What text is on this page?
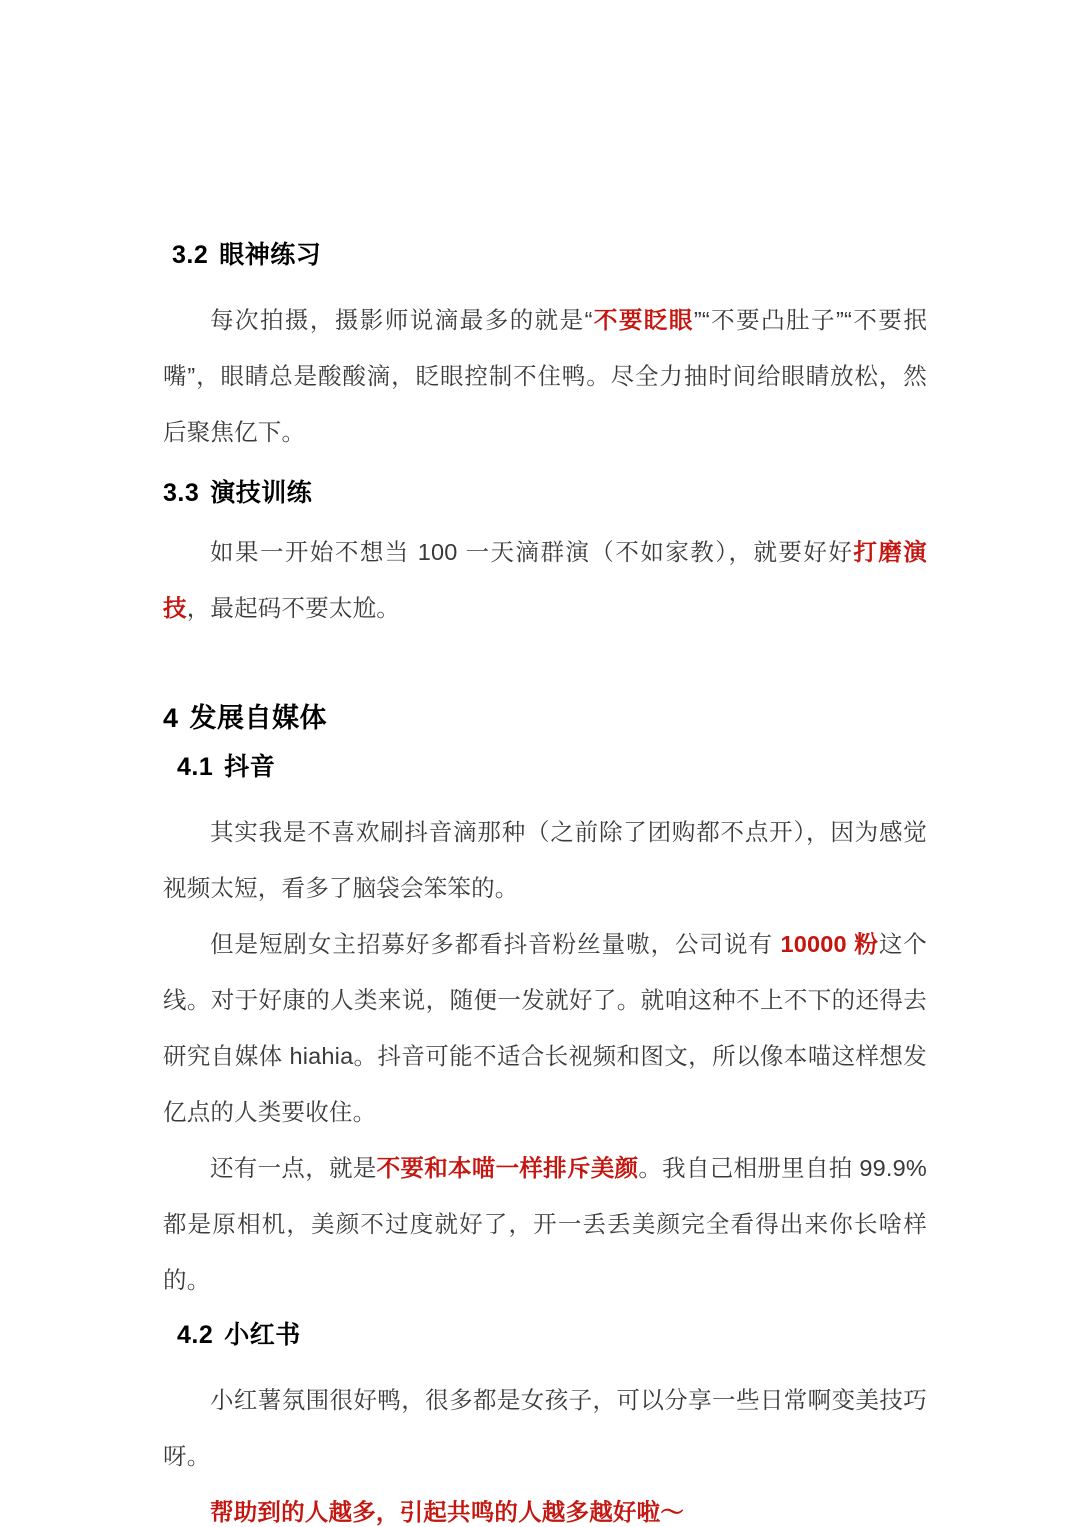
3.2 眼神练习

每次拍摄，摄影师说滴最多的就是“不要眨眼”“不要凸肚子”“不要抿嘴”，眼睛总是酸酸滴，眨眼控制不住鸭。尽全力抽时间给眼睛放松，然后聚焦亿下。

3.3 演技训练

如果一开始不想当 100 一天滴群演（不如家教），就要好好打磨演技，最起码不要太尬。

4 发展自媒体
4.1 抖音

其实我是不喜欢刷抖音滴那种（之前除了团购都不点开），因为感觉视频太短，看多了脑袋会笨笨的。

但是短剧女主招募好多都看抖音粉丝量嗷，公司说有 10000 粉这个线。对于好康的人类来说，随便一发就好了。就咱这种不上不下的还得去研究自媒体 hiahia。抖音可能不适合长视频和图文，所以像本喵这样想发亿点的人类要收住。

还有一点，就是不要和本喵一样排斥美颜。我自己相册里自拍 99.9%都是原相机，美颜不过度就好了，开一丢丢美颜完全看得出来你长啥样的。

4.2 小红书

小红薯氛围很好鸭，很多都是女孩子，可以分享一些日常啊变美技巧呀。

帮助到的人越多，引起共鸣的人越多越好啦～
